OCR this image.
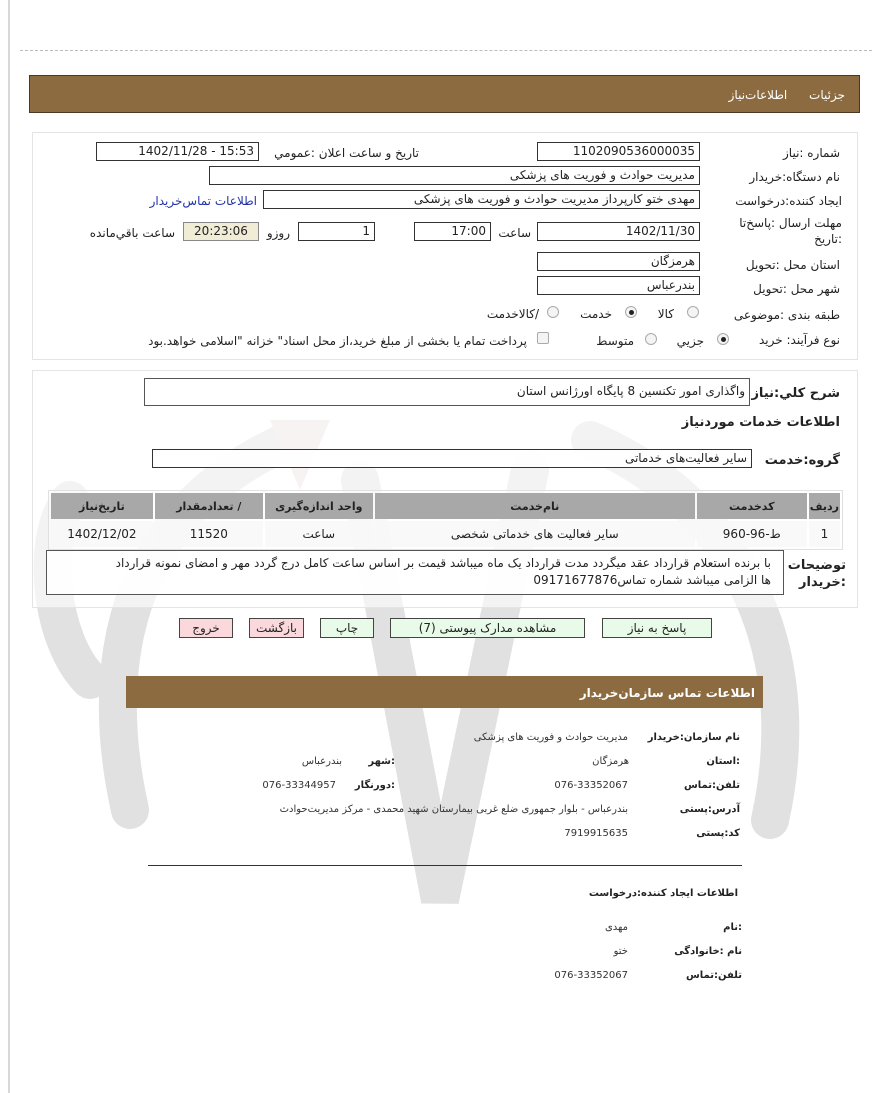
جزئیات اطلاعات‌نیاز
شماره :نیاز
1102090536000035
تاریخ و ساعت اعلان :عمومي
1402/11/28 - 15:53
نام دستگاه:خریدار
مدیریت حوادث و فوریت های پزشکی
ایجاد کننده:درخواست
مهدی ختو کارپرداز مدیریت حوادث و فوریت های پزشکی
اطلاعات تماس‌خریدار
مهلت ارسال :پاسخ‌تا
:تاریخ
1402/11/30
ساعت
17:00
1
روزو
20:23:06
ساعت باقي‌مانده
استان محل :تحویل
هرمزگان
شهر محل :تحویل
بندرعباس
طبقه بندی :موضوعی
کالا
خدمت
/کالاخدمت
نوع فرآیند: خرید
جزيي
متوسط
پرداخت تمام یا بخشی از مبلغ خرید،از محل اسناد" خزانه "اسلامی خواهد.بود
شرح كلي:نیاز
واگذاری امور تکنسین 8 پایگاه اورژانس استان
اطلاعات خدمات موردنیاز
گروه:خدمت
سایر فعالیت‌های خدماتی
ردیف	کدخدمت	نام‌خدمت	واحد اندازه‌گیری	/ تعدادمقدار	تاریخ‌نیاز
1	ط-96-960	سایر فعالیت های خدماتی شخصی	ساعت	11520	1402/12/02
توضیحات
:خریدار
با برنده استعلام قرارداد عقد میگردد مدت قرارداد یک ماه میباشد قیمت بر اساس ساعت کامل درج گردد مهر و امضای نمونه قرارداد
ها الزامی میباشد شماره تماس09171677876
پاسخ به نیاز
مشاهده مدارک پیوستی (7)
چاپ
بازگشت
خروج
اطلاعات تماس سازمان‌خریدار
نام سازمان:خریدار
مدیریت حوادث و فوریت های پزشکی
:استان
هرمزگان
:شهر
بندرعباس
تلفن:تماس
076-33352067
:دورنگار
076-33344957
آدرس:پستی
بندرعباس - بلوار جمهوری ضلع غربی بیمارستان شهید محمدی - مرکز مدیریت‌حوادث
کد:پستی
7919915635
اطلاعات ایجاد کننده:درخواست
:نام
مهدی
نام :خانوادگی
ختو
تلفن:تماس
076-33352067
